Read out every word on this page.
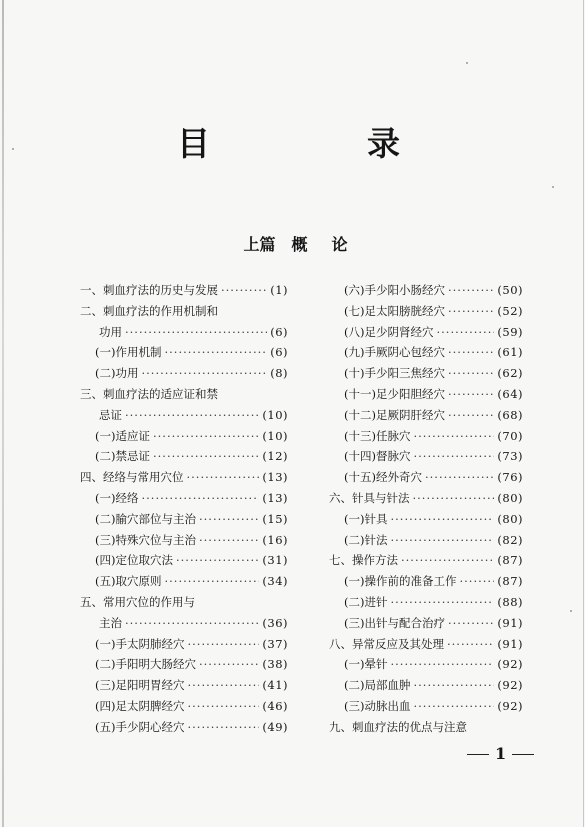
目　录
上篇 概 论
一、刺血疗法的历史与发展 ·····	(1)
二、刺血疗法的作用机制和
功用 ·····	(6)
(一)作用机制 ·····	(6)
(二)功用 ·····	(8)
三、刺血疗法的适应证和禁
忌证 ·····	(10)
(一)适应证 ·····	(10)
(二)禁忌证 ·····	(12)
四、经络与常用穴位 ·····	(13)
(一)经络 ·····	(13)
(二)腧穴部位与主治 ·····	(15)
(三)特殊穴位与主治 ·····	(16)
(四)定位取穴法 ·····	(31)
(五)取穴原则 ·····	(34)
五、常用穴位的作用与
主治 ·····	(36)
(一)手太阴肺经穴 ·····	(37)
(二)手阳明大肠经穴 ·····	(38)
(三)足阳明胃经穴 ·····	(41)
(四)足太阴脾经穴 ·····	(46)
(五)手少阴心经穴 ·····	(49)
(六)手少阳小肠经穴 ·····	(50)
(七)足太阳膀胱经穴 ·····	(52)
(八)足少阴肾经穴 ·····	(59)
(九)手厥阴心包经穴 ·····	(61)
(十)手少阳三焦经穴 ·····	(62)
(十一)足少阳胆经穴 ·····	(64)
(十二)足厥阴肝经穴 ·····	(68)
(十三)任脉穴 ·····	(70)
(十四)督脉穴 ·····	(73)
(十五)经外奇穴 ·····	(76)
六、针具与针法 ·····	(80)
(一)针具 ·····	(80)
(二)针法 ·····	(82)
七、操作方法 ·····	(87)
(一)操作前的准备工作 ·····	(87)
(二)进针 ·····	(88)
(三)出针与配合治疗 ·····	(91)
八、异常反应及其处理 ·····	(91)
(一)晕针 ·····	(92)
(二)局部血肿 ·····	(92)
(三)动脉出血 ·····	(92)
九、刺血疗法的优点与注意
1
